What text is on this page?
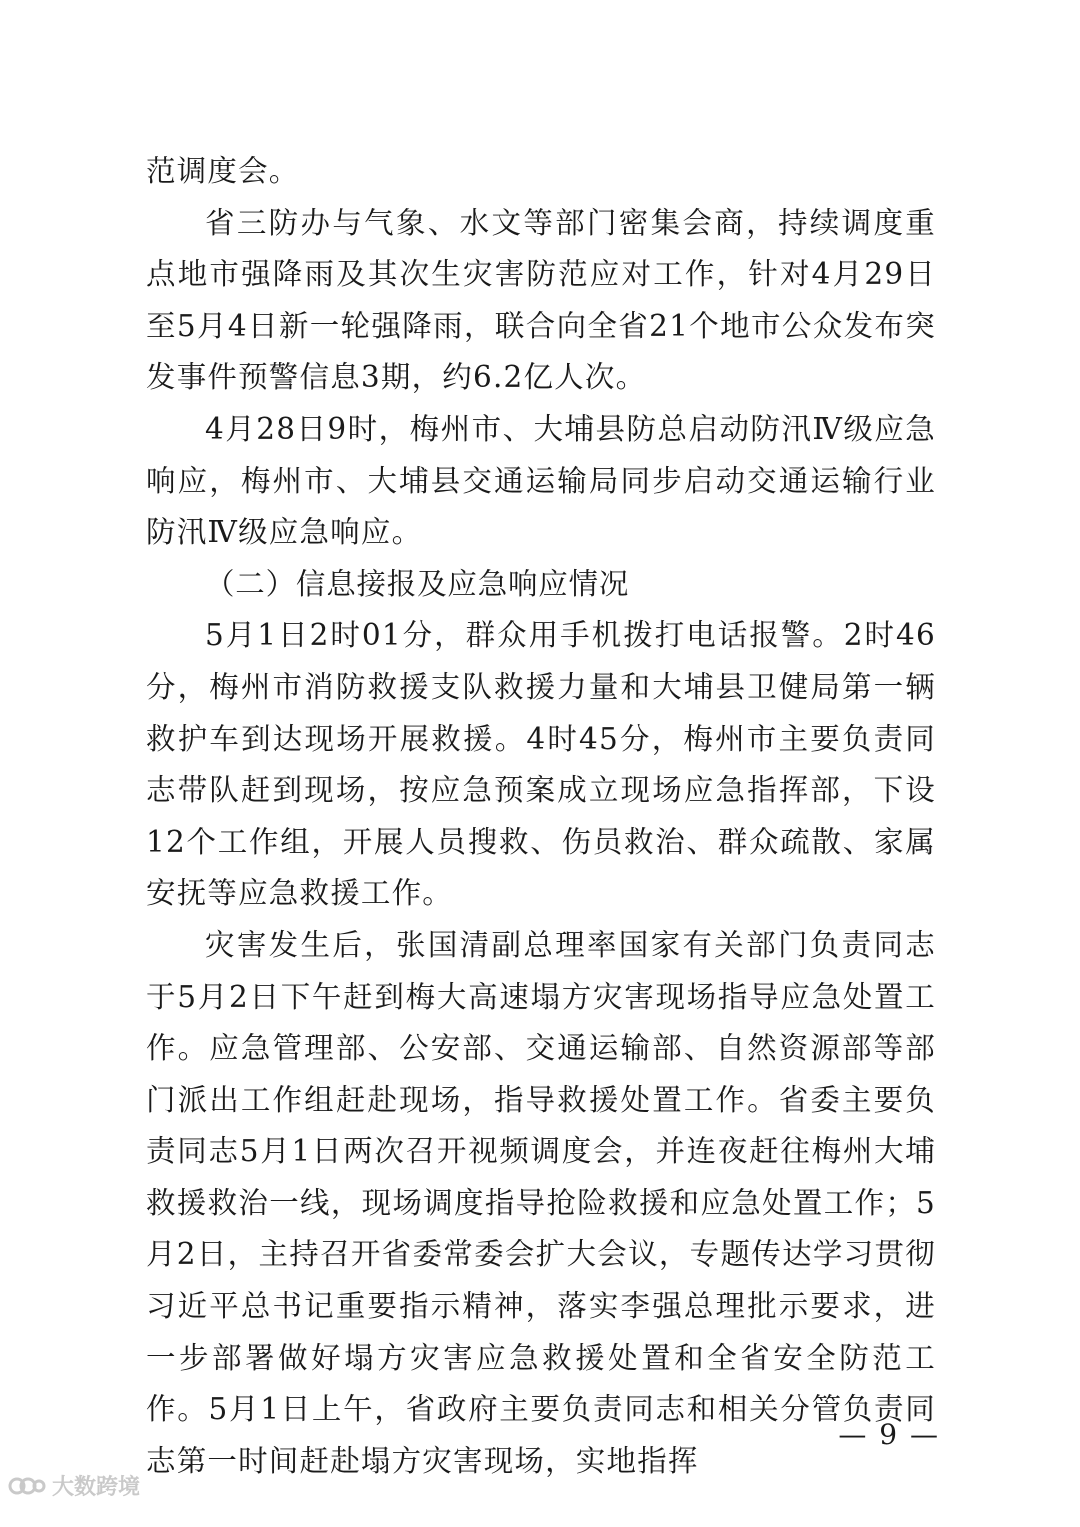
范调度会。

省三防办与气象、水文等部门密集会商，持续调度重点地市强降雨及其次生灾害防范应对工作，针对4月29日至5月4日新一轮强降雨，联合向全省21个地市公众发布突发事件预警信息3期，约6.2亿人次。

4月28日9时，梅州市、大埔县防总启动防汛Ⅳ级应急响应，梅州市、大埔县交通运输局同步启动交通运输行业防汛Ⅳ级应急响应。

（二）信息接报及应急响应情况

5月1日2时01分，群众用手机拨打电话报警。2时46分，梅州市消防救援支队救援力量和大埔县卫健局第一辆救护车到达现场开展救援。4时45分，梅州市主要负责同志带队赶到现场，按应急预案成立现场应急指挥部，下设12个工作组，开展人员搜救、伤员救治、群众疏散、家属安抚等应急救援工作。

灾害发生后，张国清副总理率国家有关部门负责同志于5月2日下午赶到梅大高速塌方灾害现场指导应急处置工作。应急管理部、公安部、交通运输部、自然资源部等部门派出工作组赶赴现场，指导救援处置工作。省委主要负责同志5月1日两次召开视频调度会，并连夜赶往梅州大埔救援救治一线，现场调度指导抢险救援和应急处置工作；5月2日，主持召开省委常委会扩大会议，专题传达学习贯彻习近平总书记重要指示精神，落实李强总理批示要求，进一步部署做好塌方灾害应急救援处置和全省安全防范工作。5月1日上午，省政府主要负责同志和相关分管负责同志第一时间赶赴塌方灾害现场，实地指挥

— 9 —
大数跨境
